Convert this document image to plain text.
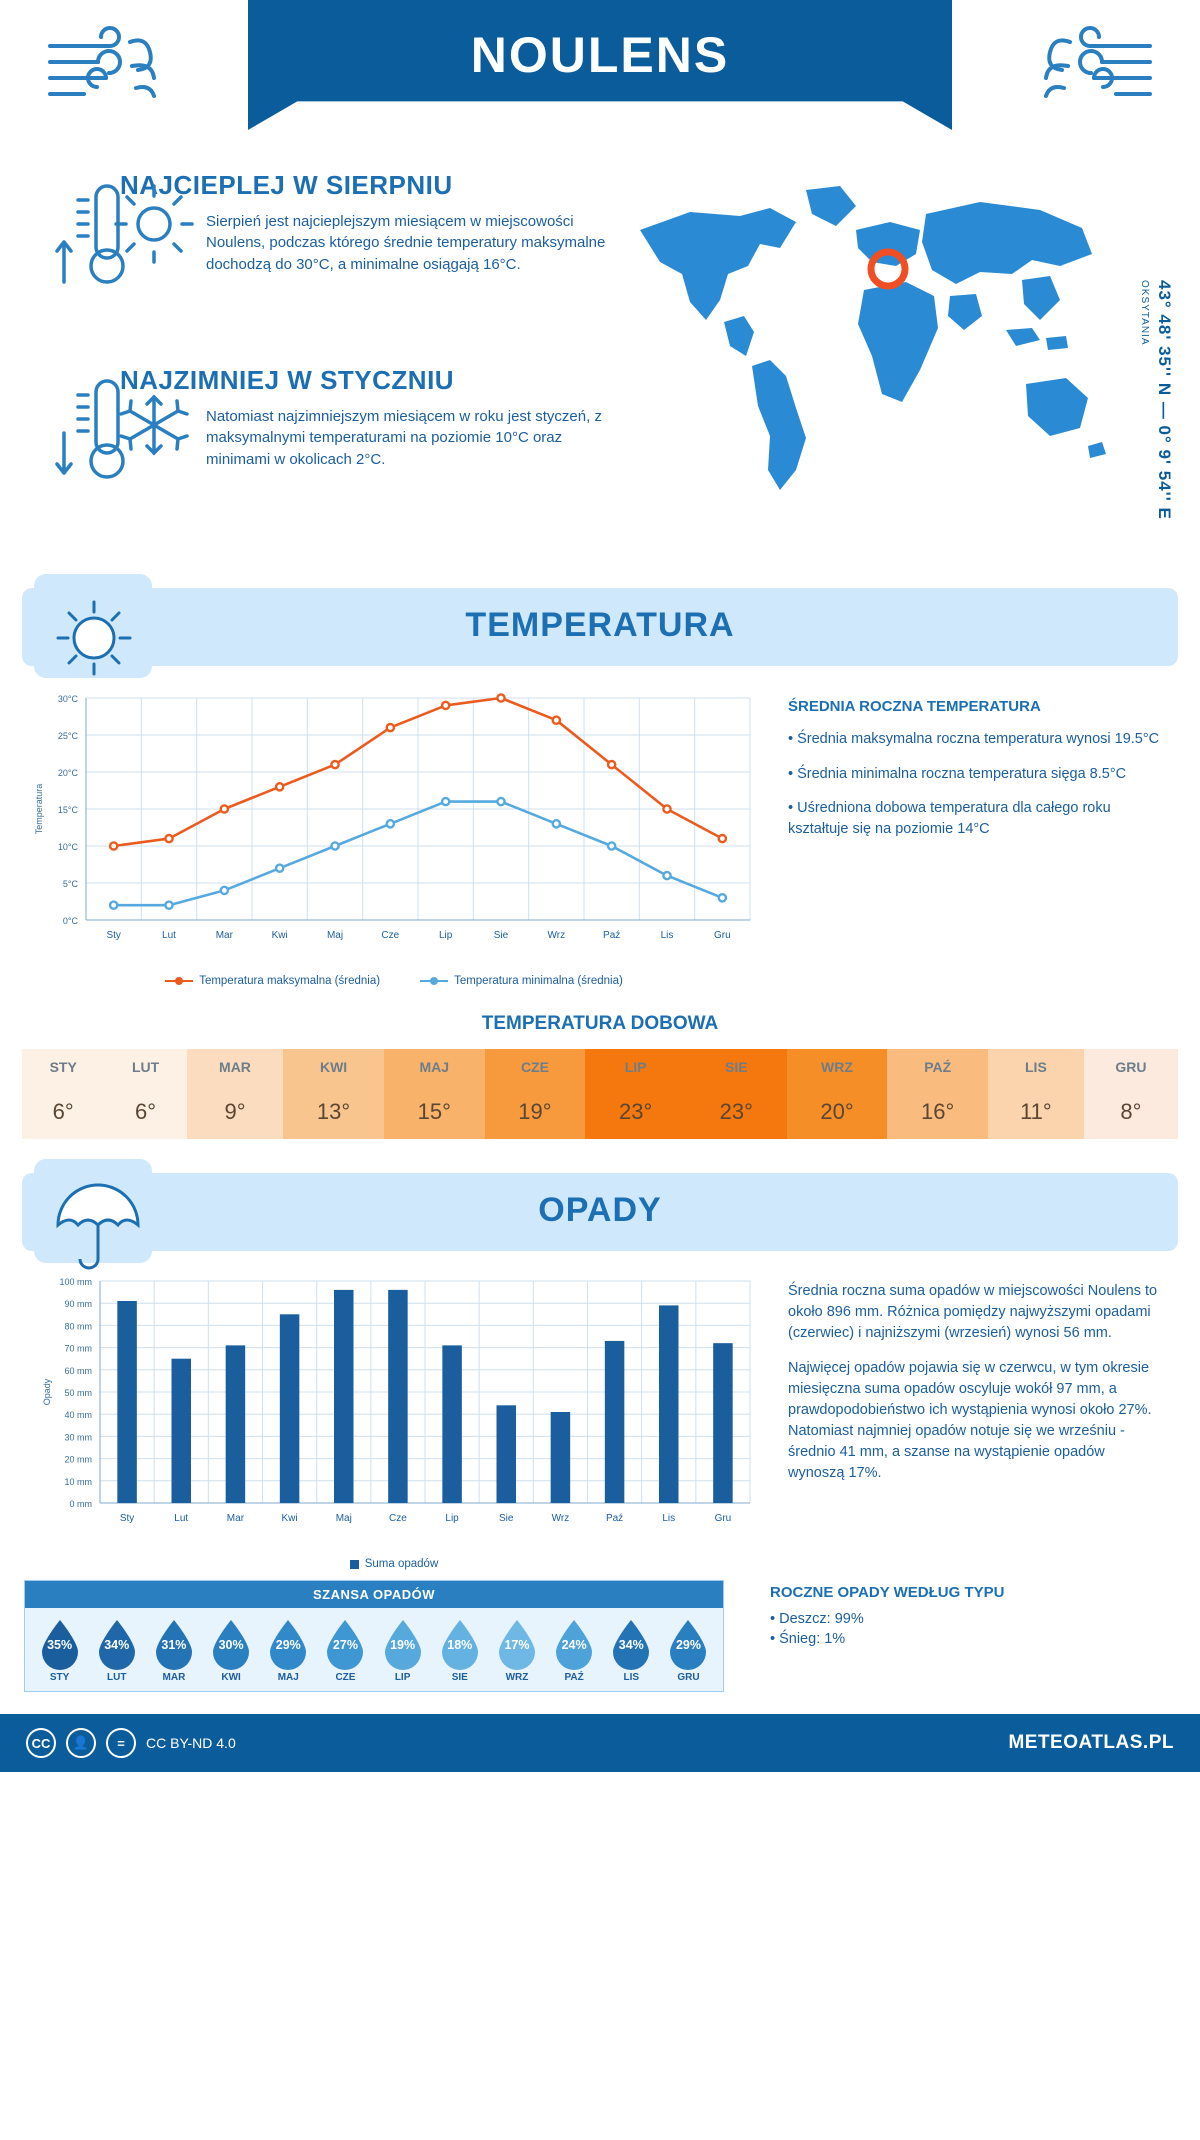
NOULENS
FRANCJA
NAJCIEPLEJ W SIERPNIU
Sierpień jest najcieplejszym miesiącem w miejscowości Noulens, podczas którego średnie temperatury maksymalne dochodzą do 30°C, a minimalne osiągają 16°C.
NAJZIMNIEJ W STYCZNIU
Natomiast najzimniejszym miesiącem w roku jest styczeń, z maksymalnymi temperaturami na poziomie 10°C oraz minimami w okolicach 2°C.	43° 48' 35'' N — 0° 9' 54'' E OKSYTANIA
TEMPERATURA
0°C
5°C
10°C
15°C
20°C
25°C
30°C
Sty	Lut	Mar	Kwi	Maj	Cze	Lip	Sie	Wrz	Paź	Lis	Gru
Temperatura
Temperatura maksymalna (średnia)	Temperatura minimalna (średnia)
ŚREDNIA ROCZNA TEMPERATURA
• Średnia maksymalna roczna temperatura wynosi 19.5°C
• Średnia minimalna roczna temperatura sięga 8.5°C
• Uśredniona dobowa temperatura dla całego roku kształtuje się na poziomie 14°C
TEMPERATURA DOBOWA
STY	LUT	MAR	KWI	MAJ	CZE	LIP	SIE	WRZ	PAŹ	LIS	GRU
6°	6°	9°	13°	15°	19°	23°	23°	20°	16°	11°	8°
OPADY
0 mm
10 mm
20 mm
30 mm
40 mm
50 mm
60 mm
70 mm
80 mm
90 mm
100 mm
Sty	Lut	Mar	Kwi	Maj	Cze	Lip	Sie	Wrz	Paź	Lis	Gru
Opady
Suma opadów

Średnia roczna suma opadów w miejscowości Noulens to około 896 mm. Różnica pomiędzy najwyższymi opadami (czerwiec) i najniższymi (wrzesień) wynosi 56 mm.

Najwięcej opadów pojawia się w czerwcu, w tym okresie miesięczna suma opadów oscyluje wokół 97 mm, a prawdopodobieństwo ich wystąpienia wynosi około 27%. Natomiast najmniej opadów notuje się we wrześniu - średnio 41 mm, a szanse na wystąpienie opadów wynoszą 17%.

SZANSA OPADÓW
35%
STY
34%
LUT
31%
MAR
30%
KWI
29%
MAJ
27%
CZE
19%
LIP
18%
SIE
17%
WRZ
24%
PAŹ
34%
LIS
29%
GRU
ROCZNE OPADY WEDŁUG TYPU
• Deszcz: 99%
• Śnieg: 1%
CC	👤	=	CC BY-ND 4.0	METEOATLAS.PL
